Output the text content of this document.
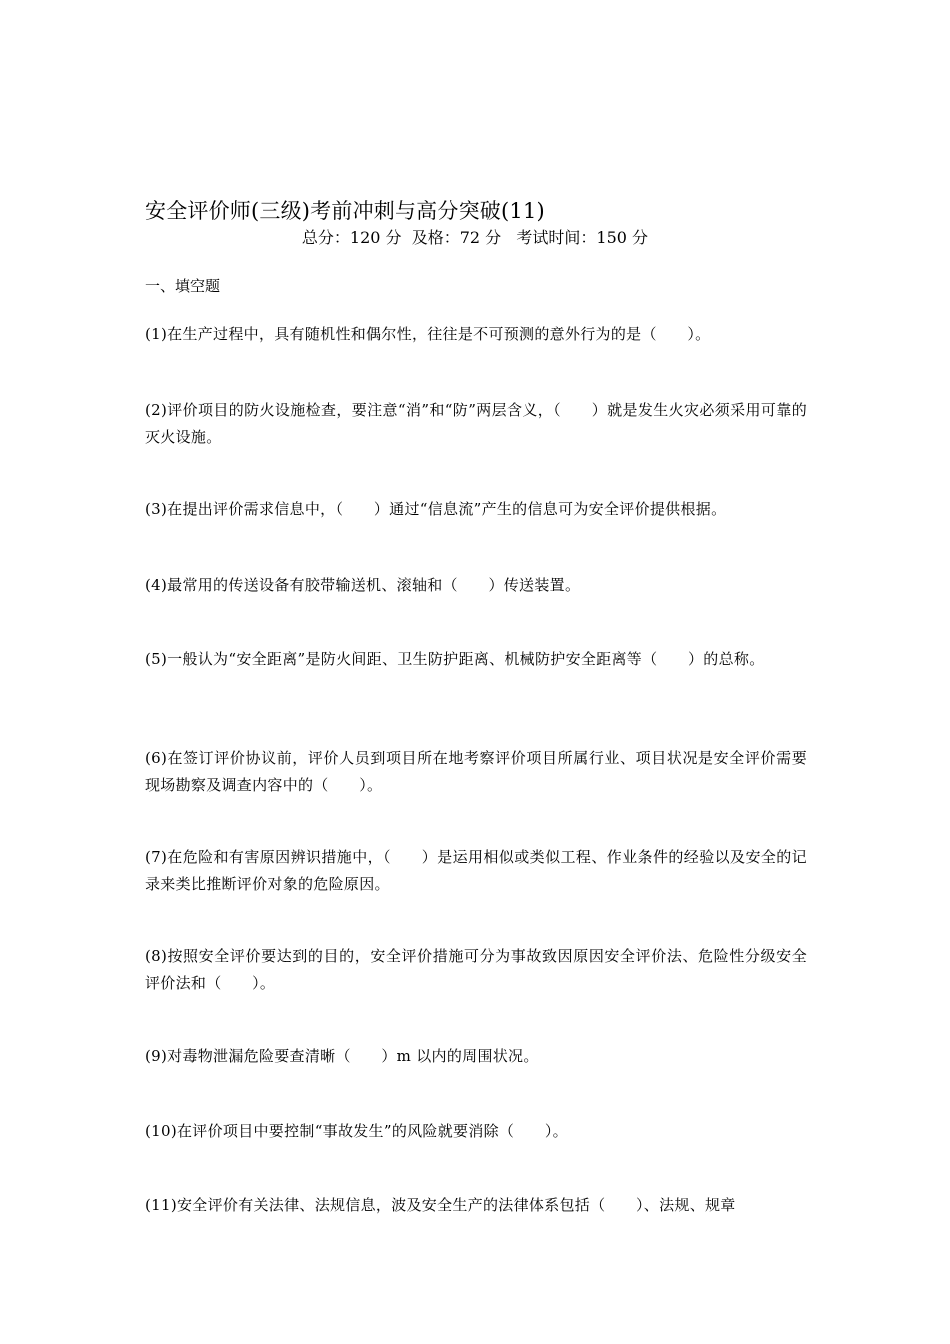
安全评价师(三级)考前冲刺与高分突破(11)
总分：120 分  及格：72 分   考试时间：150 分
一、填空题
(1)在生产过程中，具有随机性和偶尔性，往往是不可预测的意外行为的是（　　）。
(2)评价项目的防火设施检查，要注意“消”和“防”两层含义，（　　）就是发生火灾必须采用可靠的灭火设施。
(3)在提出评价需求信息中，（　　）通过“信息流”产生的信息可为安全评价提供根据。
(4)最常用的传送设备有胶带输送机、滚轴和（　　）传送装置。
(5)一般认为“安全距离”是防火间距、卫生防护距离、机械防护安全距离等（　　）的总称。
(6)在签订评价协议前，评价人员到项目所在地考察评价项目所属行业、项目状况是安全评价需要现场勘察及调查内容中的（　　）。
(7)在危险和有害原因辨识措施中，（　　）是运用相似或类似工程、作业条件的经验以及安全的记录来类比推断评价对象的危险原因。
(8)按照安全评价要达到的目的，安全评价措施可分为事故致因原因安全评价法、危险性分级安全评价法和（　　）。
(9)对毒物泄漏危险要查清晰（　　）m 以内的周围状况。
(10)在评价项目中要控制“事故发生”的风险就要消除（　　）。
(11)安全评价有关法律、法规信息，波及安全生产的法律体系包括（　　）、法规、规章
